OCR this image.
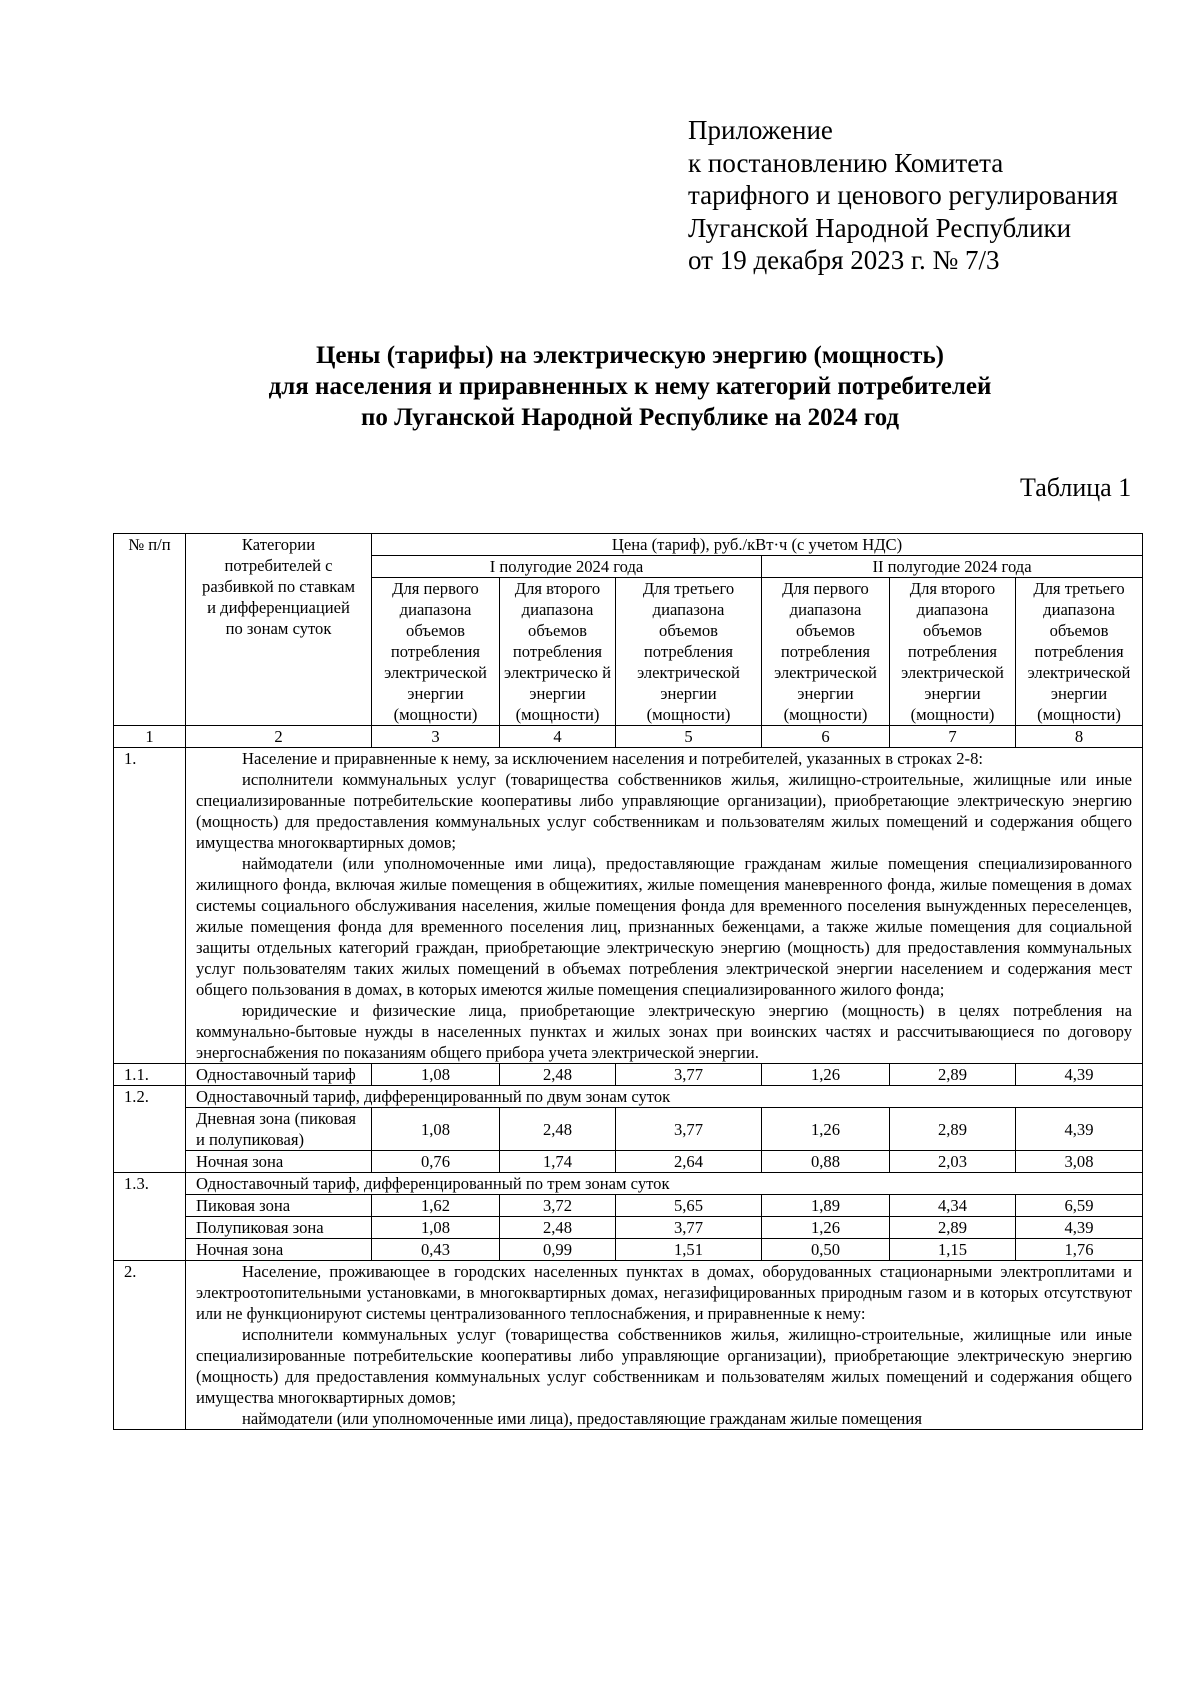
Приложение
к постановлению Комитета
тарифного и ценового регулирования
Луганской Народной Республики
от 19 декабря 2023 г. № 7/3
Цены (тарифы) на электрическую энергию (мощность)
для населения и приравненных к нему категорий потребителей
по Луганской Народной Республике на 2024 год
Таблица 1
№ п/п	Категории потребителей с разбивкой по ставкам и дифференциацией по зонам суток	Цена (тариф), руб./кВт·ч (с учетом НДС)					
		I полугодие 2024 года			II полугодие 2024 года		
		Для первого диапазона объемов потребления электрической энергии (мощности)	Для второго диапазона объемов потребления электрическо й энергии (мощности)	Для третьего диапазона объемов потребления электрической энергии (мощности)	Для первого диапазона объемов потребления электрической энергии (мощности)	Для второго диапазона объемов потребления электрической энергии (мощности)	Для третьего диапазона объемов потребления электрической энергии (мощности)
1	2	3	4	5	6	7	8
1.	Население и приравненные к нему, за исключением населения и потребителей, указанных в строках 2-8:

исполнители коммунальных услуг (товарищества собственников жилья, жилищно-строительные, жилищные или иные специализированные потребительские кооперативы либо управляющие организации), приобретающие электрическую энергию (мощность) для предоставления коммунальных услуг собственникам и пользователям жилых помещений и содержания общего имущества многоквартирных домов;

наймодатели (или уполномоченные ими лица), предоставляющие гражданам жилые помещения специализированного жилищного фонда, включая жилые помещения в общежитиях, жилые помещения маневренного фонда, жилые помещения в домах системы социального обслуживания населения, жилые помещения фонда для временного поселения вынужденных переселенцев, жилые помещения фонда для временного поселения лиц, признанных беженцами, а также жилые помещения для социальной защиты отдельных категорий граждан, приобретающие электрическую энергию (мощность) для предоставления коммунальных услуг пользователям таких жилых помещений в объемах потребления электрической энергии населением и содержания мест общего пользования в домах, в которых имеются жилые помещения специализированного жилого фонда;

юридические и физические лица, приобретающие электрическую энергию (мощность) в целях потребления на коммунально-бытовые нужды в населенных пунктах и жилых зонах при воинских частях и рассчитывающиеся по договору энергоснабжения по показаниям общего прибора учета электрической энергии.						

1.1.	Одноставочный тариф	1,08	2,48	3,77	1,26	2,89	4,39
1.2.	Одноставочный тариф, дифференцированный по двум зонам суток						
	Дневная зона (пиковая и полупиковая)	1,08	2,48	3,77	1,26	2,89	4,39
	Ночная зона	0,76	1,74	2,64	0,88	2,03	3,08
1.3.	Одноставочный тариф, дифференцированный по трем зонам суток						
	Пиковая зона	1,62	3,72	5,65	1,89	4,34	6,59
	Полупиковая зона	1,08	2,48	3,77	1,26	2,89	4,39
	Ночная зона	0,43	0,99	1,51	0,50	1,15	1,76
2.	Население, проживающее в городских населенных пунктах в домах, оборудованных стационарными электроплитами и электроотопительными установками, в многоквартирных домах, негазифицированных природным газом и в которых отсутствуют или не функционируют системы централизованного теплоснабжения, и приравненные к нему:

исполнители коммунальных услуг (товарищества собственников жилья, жилищно-строительные, жилищные или иные специализированные потребительские кооперативы либо управляющие организации), приобретающие электрическую энергию (мощность) для предоставления коммунальных услуг собственникам и пользователям жилых помещений и содержания общего имущества многоквартирных домов;

наймодатели (или уполномоченные ими лица), предоставляющие гражданам жилые помещения						
